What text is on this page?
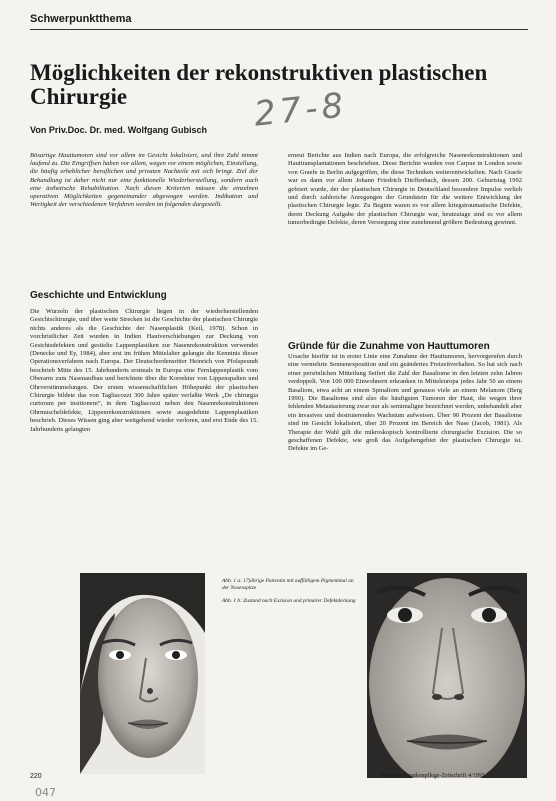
Schwerpunktthema
Möglichkeiten der rekonstruktiven plastischen Chirurgie
Von Priv.Doc. Dr. med. Wolfgang Gubisch 27-8
Bösartige Hauttumoren sind vor allem im Gesicht lokalisiert, und ihre Zahl nimmt laufend zu. Die Eingriffsen haben vor allem, wegen vor einem möglichen, Einstellung, die häufig erheblicher beruflichen und privaten Nachteile mit sich bringt. Ziel der Behandlung ist daher nicht nur eine funktionelle Wiederherstellung, sondern auch eine ästhetische Rehabilitation. Nach diesen Kriterien müssen die einzelnen operativen Möglichkeiten gegeneinander abgewogen werden. Indikation und Wertigkeit der verschiedenen Verfahren werden im folgenden dargestellt.
Geschichte und Entwicklung

Die Wurzeln der plastischen Chirurgie liegen in der wiederherstellenden Gesichtschirurgie, und über weite Strecken ist die Geschichte der plastischen Chirurgie nichts anderes als die Geschichte der Nasenplastik (Keil, 1978). Schon in vorchristlicher Zeit wurden in Indien Hautverschiebungen zur Deckung von Gesichtsdefekten und gestielte Lappenplastiken zur Nasenrekonstruktion verwendet (Denecke und Ey, 1984), aber erst im frühen Mittelalter gelangte die Kenntnis dieser Operationsverfahren nach Europa. Der Deutschordensritter Heinrich von Pfolspeundt beschrieb Mitte des 15. Jahrhunderts erstmals in Europa eine Fernlappenplastik vom Oberarm zum Nasenaufbau und berichtete über die Korrektur von Lippenspalten und Ohrverstümmelungen. Der ersten wissenschaftlichen Höhepunkt der plastischen Chirurgie bildete das von Tagliacozzi 300 Jahre später verfaßte Werk „De chirurgia curtorum per insitionem“, in dem Tagliacozzi neben den Nasenrekonstruktionen Ohrmuscheldefekte, Lippenrekonstruktionen sowie ausgedehnte Lappenplastiken beschrieb. Dieses Wissen ging aber weitgehend wieder verloren, und erst Ende des 15. Jahrhunderts gelangten

erneut Berichte aus Indien nach Europa, die erfolgreiche Nasenrekonstruktionen und Hauttransplantationen beschrieben. Diese Berichte wurden von Carpue in London sowie von Graefe in Berlin aufgegriffen, die diese Techniken weiterentwickelten. Nach Graefe war es dann vor allem Johann Friedrich Dieffenbach, dessen 200. Geburtstag 1992 gefeiert wurde, der der plastischen Chirurgie in Deutschland besondere Impulse verlieh und durch zahlreiche Anregungen der Grundstein für die weitere Entwicklung der plastischen Chirurgie legte. Zu Beginn waren es vor allem kriegstraumatische Defekte, deren Deckung Aufgabe der plastischen Chirurgie war, heutzutage sind es vor allem tumorbedingte Defekte, deren Versorgung eine zunehmend größere Bedeutung gewinnt.

Gründe für die Zunahme von Hauttumoren

Ursache hierfür ist in erster Linie eine Zunahme der Hauttumoren, hervorgerufen durch eine vermehrte Sonnenexposition und ein geändertes Freizeitverhalten. So hat sich nach einer persönlichen Mitteilung Seifert die Zahl der Basaliome in den letzten zehn Jahren verdoppelt. Von 100 000 Einwohnern erkranken in Mitteleuropa jedes Jahr 50 an einem Basaliom, etwa acht an einem Spinaliom und genauso viele an einem Melanom (Berg 1990). Die Basaliome sind also die häufigsten Tumoren der Haut, die wegen ihrer fehlenden Metastasierung zwar nur als semimaligne bezeichnet werden, unbehandelt aber ein invasives und destruierendes Wachstum aufweisen. Über 90 Prozent der Basaliome sind im Gesicht lokalisiert, über 20 Prozent im Bereich der Nase (Jacob, 1981). Als Therapie der Wahl gilt die mikroskopisch kontrollierte chirurgische Exzision. Die so geschaffenen Defekte, wie groß das Aufgabengebiet der plastischen Chirurgie ist. Defekte im Ge-

Abb. 1 a: 17jährige Patientin mit auffälligem Pigmentmal an der Nasenspitze

Abb. 1 b: Zustand nach Exzision und primärer Defektdeckung

220	Deutsche Krankenpflege-Zeitschrift 4/1993
047
